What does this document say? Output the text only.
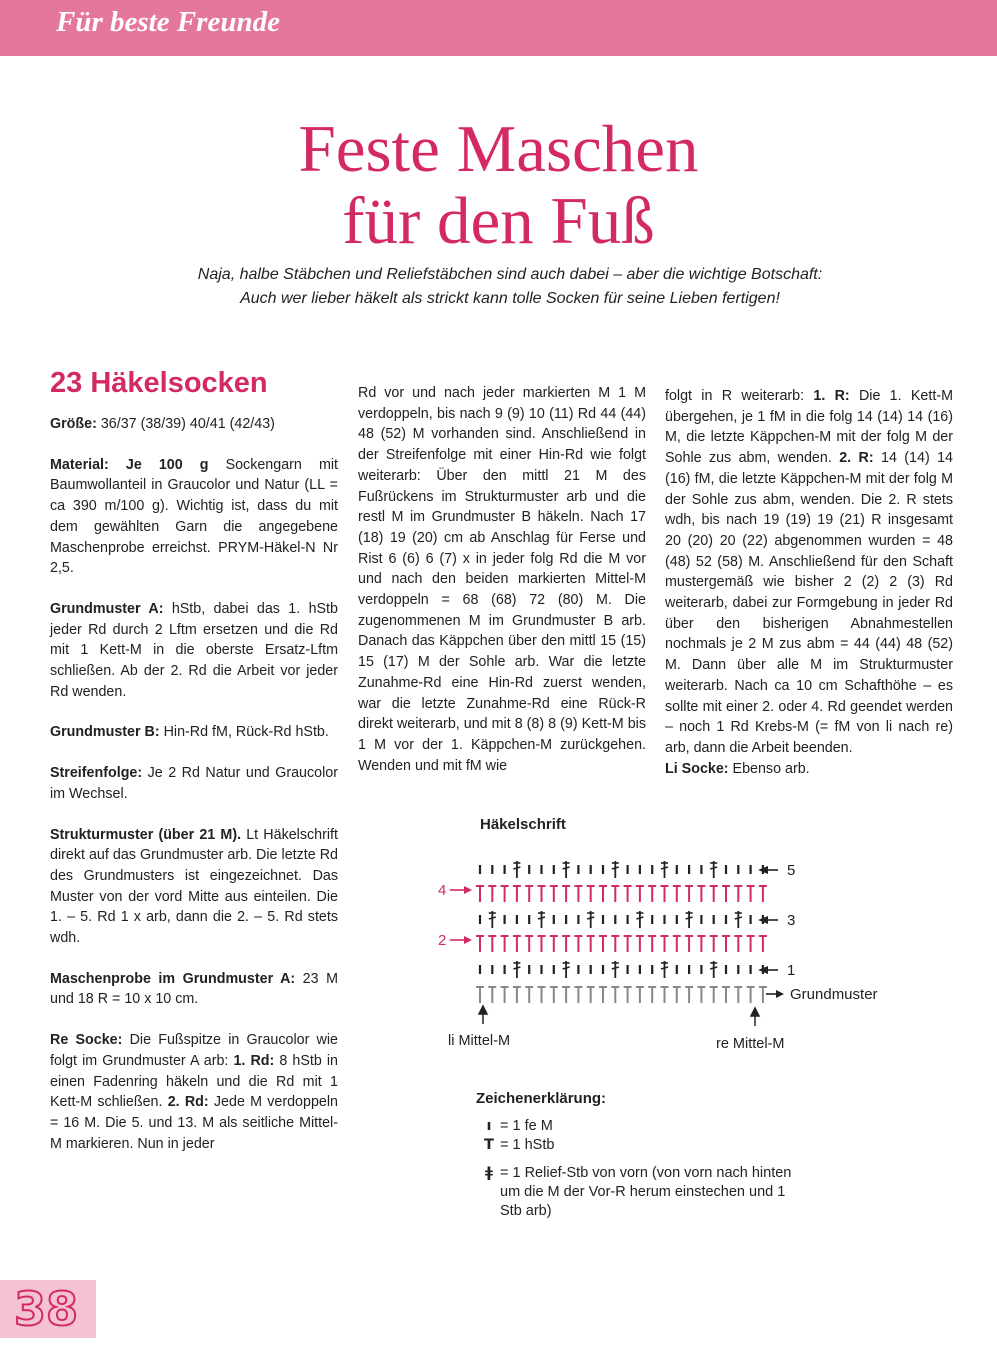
Für beste Freunde
Feste Maschen
für den Fuß

Naja, halbe Stäbchen und Reliefstäbchen sind auch dabei – aber die wichtige Botschaft:

Auch wer lieber häkelt als strickt kann tolle Socken für seine Lieben fertigen!

23 Häkelsocken

Größe: 36/37 (38/39) 40/41 (42/43)

Material: Je 100 g Sockengarn mit Baumwollanteil in Graucolor und Natur (LL = ca 390 m/100 g). Wichtig ist, dass du mit dem gewählten Garn die angegebene Maschenprobe erreichst. PRYM-Häkel-N Nr 2,5.

Grundmuster A: hStb, dabei das 1. hStb jeder Rd durch 2 Lftm ersetzen und die Rd mit 1 Kett-M in die oberste Ersatz-Lftm schließen. Ab der 2. Rd die Arbeit vor jeder Rd wenden.

Grundmuster B: Hin-Rd fM, Rück-Rd hStb.

Streifenfolge: Je 2 Rd Natur und Graucolor im Wechsel.

Strukturmuster (über 21 M). Lt Häkelschrift direkt auf das Grundmuster arb. Die letzte Rd des Grundmusters ist eingezeichnet. Das Muster von der vord Mitte aus einteilen. Die 1. – 5. Rd 1 x arb, dann die 2. – 5. Rd stets wdh.

Maschenprobe im Grundmuster A: 23 M und 18 R = 10 x 10 cm.

Re Socke: Die Fußspitze in Graucolor wie folgt im Grundmuster A arb: 1. Rd: 8 hStb in einen Fadenring häkeln und die Rd mit 1 Kett-M schließen. 2. Rd: Jede M verdoppeln = 16 M. Die 5. und 13. M als seitliche Mittel-M markieren. Nun in jeder

Rd vor und nach jeder markierten M 1 M verdoppeln, bis nach 9 (9) 10 (11) Rd 44 (44) 48 (52) M vorhanden sind. Anschließend in der Streifenfolge mit einer Hin-Rd wie folgt weiterarb: Über den mittl 21 M des Fußrückens im Strukturmuster arb und die restl M im Grundmuster B häkeln. Nach 17 (18) 19 (20) cm ab Anschlag für Ferse und Rist 6 (6) 6 (7) x in jeder folg Rd die M vor und nach den beiden markierten Mittel-M verdoppeln = 68 (68) 72 (80) M. Die zugenommenen M im Grundmuster B arb. Danach das Käppchen über den mittl 15 (15) 15 (17) M der Sohle arb. War die letzte Zunahme-Rd eine Hin-Rd zuerst wenden, war die letzte Zunahme-Rd eine Rück-R direkt weiterarb, und mit 8 (8) 8 (9) Kett-M bis 1 M vor der 1. Käppchen-M zurückgehen. Wenden und mit fM wie

folgt in R weiterarb: 1. R: Die 1. Kett-M übergehen, je 1 fM in die folg 14 (14) 14 (16) M, die letzte Käppchen-M mit der folg M der Sohle zus abm, wenden. 2. R: 14 (14) 14 (16) fM, die letzte Käppchen-M mit der folg M der Sohle zus abm, wenden. Die 2. R stets wdh, bis nach 19 (19) 19 (21) R insgesamt 20 (20) 20 (22) abgenommen wurden = 48 (48) 52 (58) M. Anschließend für den Schaft mustergemäß wie bisher 2 (2) 2 (3) Rd weiterarb, dabei zur Formgebung in jeder Rd über den bisherigen Abnahmestellen nochmals je 2 M zus abm = 44 (44) 48 (52) M. Dann über alle M im Strukturmuster weiterarb. Nach ca 10 cm Schafthöhe – es sollte mit einer 2. oder 4. Rd geendet werden – noch 1 Rd Krebs-M (= fM von li nach re) arb, dann die Arbeit beenden.

Li Socke: Ebenso arb.

Häkelschrift
5
3
1
Grundmuster
4
2
li Mittel-M	re Mittel-M
Zeichenerklärung:
ı = 1 fe M
T = 1 hStb
ǂ = 1 Relief-Stb von vorn (von vorn nach hinten um die M der Vor-R herum einstechen und 1 Stb arb)
38
